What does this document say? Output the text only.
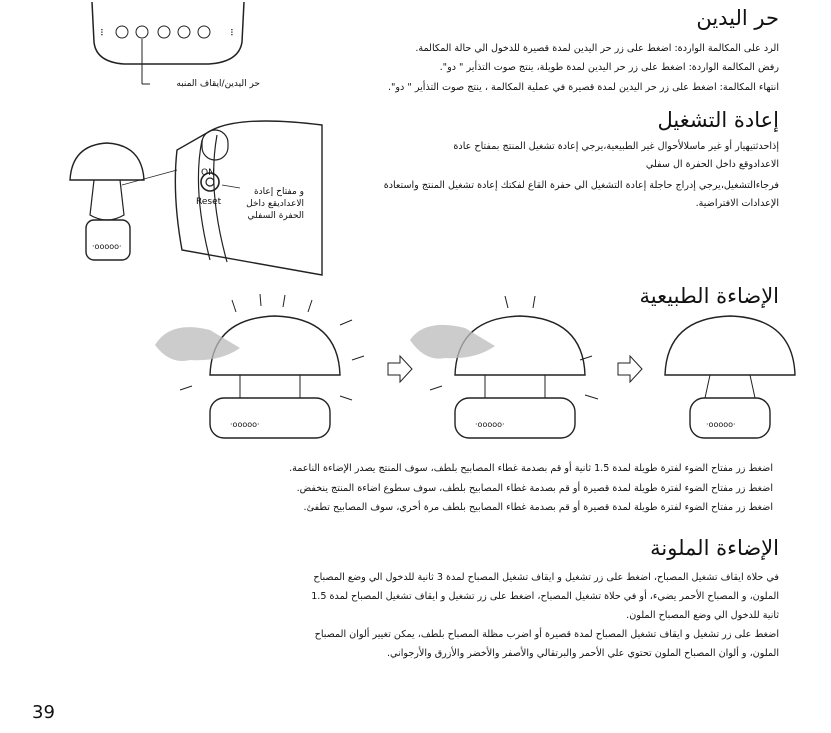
⠇	⠇
حر اليدين/ايقاف المنبه
حر اليدين
الرد على المكالمة الواردة: اضغط على زر حر اليدين لمدة قصيرة للدخول الي حالة المكالمة.
رفض المكالمة الواردة: اضغط على زر حر اليدين لمدة طويلة، ينتج صوت التذأير " دو".
انتهاء المكالمة: اضغط على زر حر اليدين لمدة قصيرة في عملية المكالمة ، ينتج صوت التذأير " دو".
ON
Reset
·ooooo·
و مفتاح إعادة
الاعداديقع داخل
الحفرة السفلي
إعادة التشغيل
إذاحدثتيهيار أو غير ماسلالأحوال غير الطبيعية،يرجي إعادة تشغيل المنتج بمفتاح عادة
الاعدادوقع داخل الحفرة ال سفلي
فرجاءالتشغيل،يرجي إدراج حاجلة إعادة التشغيل الي حفرة القاع لفكتك إعادة تشغيل المنتج واستعادة
الإعدادات الافتراضية.
الإضاءة الطبيعية
·ooooo·	·ooooo·	·ooooo·
اضغط زر مفتاح الضوء لفترة طويلة لمدة 1.5 ثانية أو قم بصدمة غطاء المصابيح بلطف، سوف المنتج يصدر الإضاءة الناعمة.
اضغط زر مفتاح الضوء لفترة طويلة لمدة قصيرة أو قم بصدمة غطاء المصابيح بلطف، سوف سطوع اضاءة المنتج ينخفض.
اضغط زر مفتاح الضوء لفترة طويلة لمدة قصيرة أو قم بصدمة غطاء المصابيح بلطف مرة أخري، سوف المصابيح تطفئ.
الإضاءة الملونة
في حلاة ايقاف تشغيل المصباح، اضغط على زر تشغيل و ايقاف تشغيل المصباح لمدة 3 ثانية للدخول الي وضع المصباح
الملون، و المصباح الأحمر يضيء، أو في حلاة تشغيل المصباح، اضغط على زر تشغيل و ايقاف تشغيل المصباح لمدة 1.5
ثانية للدخول الي وضع المصباح الملون.
اضغط على زر تشغيل و ايقاف تشغيل المصباح لمدة قصيرة أو اضرب مظلة المصباح بلطف، يمكن تغيير ألوان المصباح
الملون، و ألوان المصباح الملون تحتوي علي الأحمر والبرتقالي والأصفر والأخضر والأزرق والأرجواني.
39
